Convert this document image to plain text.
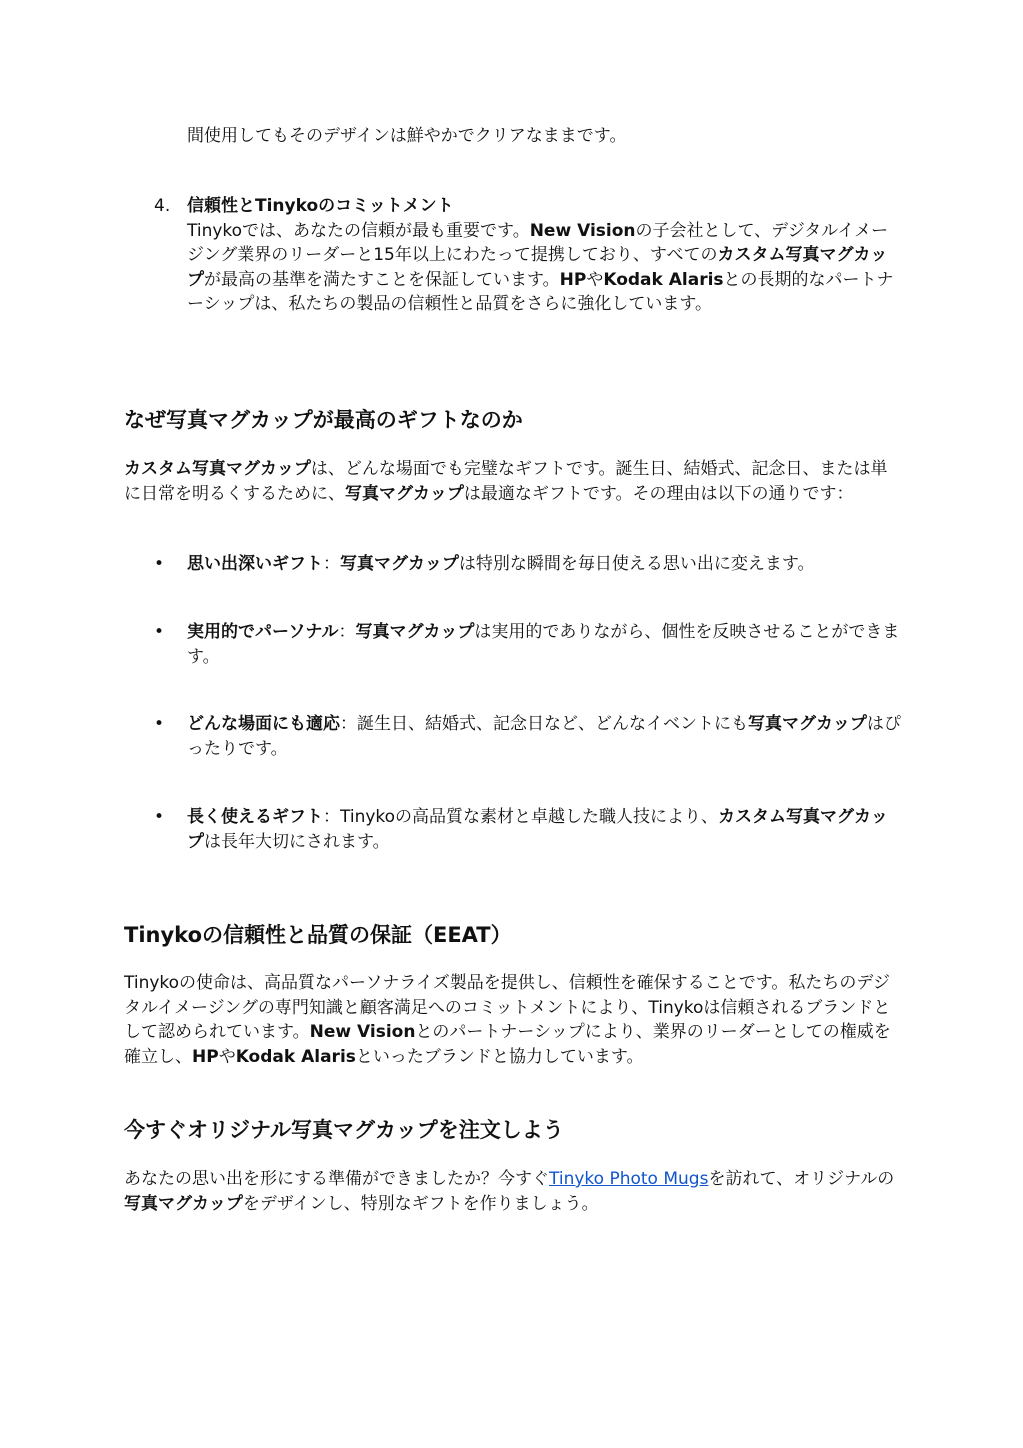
間使用してもそのデザインは鮮やかでクリアなままです。

4. 信頼性とTinykoのコミットメント

Tinykoでは、あなたの信頼が最も重要です。New Visionの子会社として、デジタルイメージング業界のリーダーと15年以上にわたって提携しており、すべてのカスタム写真マグカップが最高の基準を満たすことを保証しています。HPやKodak Alarisとの長期的なパートナーシップは、私たちの製品の信頼性と品質をさらに強化しています。

なぜ写真マグカップが最高のギフトなのか

カスタム写真マグカップは、どんな場面でも完璧なギフトです。誕生日、結婚式、記念日、または単に日常を明るくするために、写真マグカップは最適なギフトです。その理由は以下の通りです：

• 思い出深いギフト：写真マグカップは特別な瞬間を毎日使える思い出に変えます。

• 実用的でパーソナル：写真マグカップは実用的でありながら、個性を反映させることができます。

• どんな場面にも適応：誕生日、結婚式、記念日など、どんなイベントにも写真マグカップはぴったりです。

• 長く使えるギフト：Tinykoの高品質な素材と卓越した職人技により、カスタム写真マグカップは長年大切にされます。

Tinykoの信頼性と品質の保証（EEAT）

Tinykoの使命は、高品質なパーソナライズ製品を提供し、信頼性を確保することです。私たちのデジタルイメージングの専門知識と顧客満足へのコミットメントにより、Tinykoは信頼されるブランドとして認められています。New Visionとのパートナーシップにより、業界のリーダーとしての権威を確立し、HPやKodak Alarisといったブランドと協力しています。

今すぐオリジナル写真マグカップを注文しよう

あなたの思い出を形にする準備ができましたか？今すぐTinyko Photo Mugsを訪れて、オリジナルの写真マグカップをデザインし、特別なギフトを作りましょう。
